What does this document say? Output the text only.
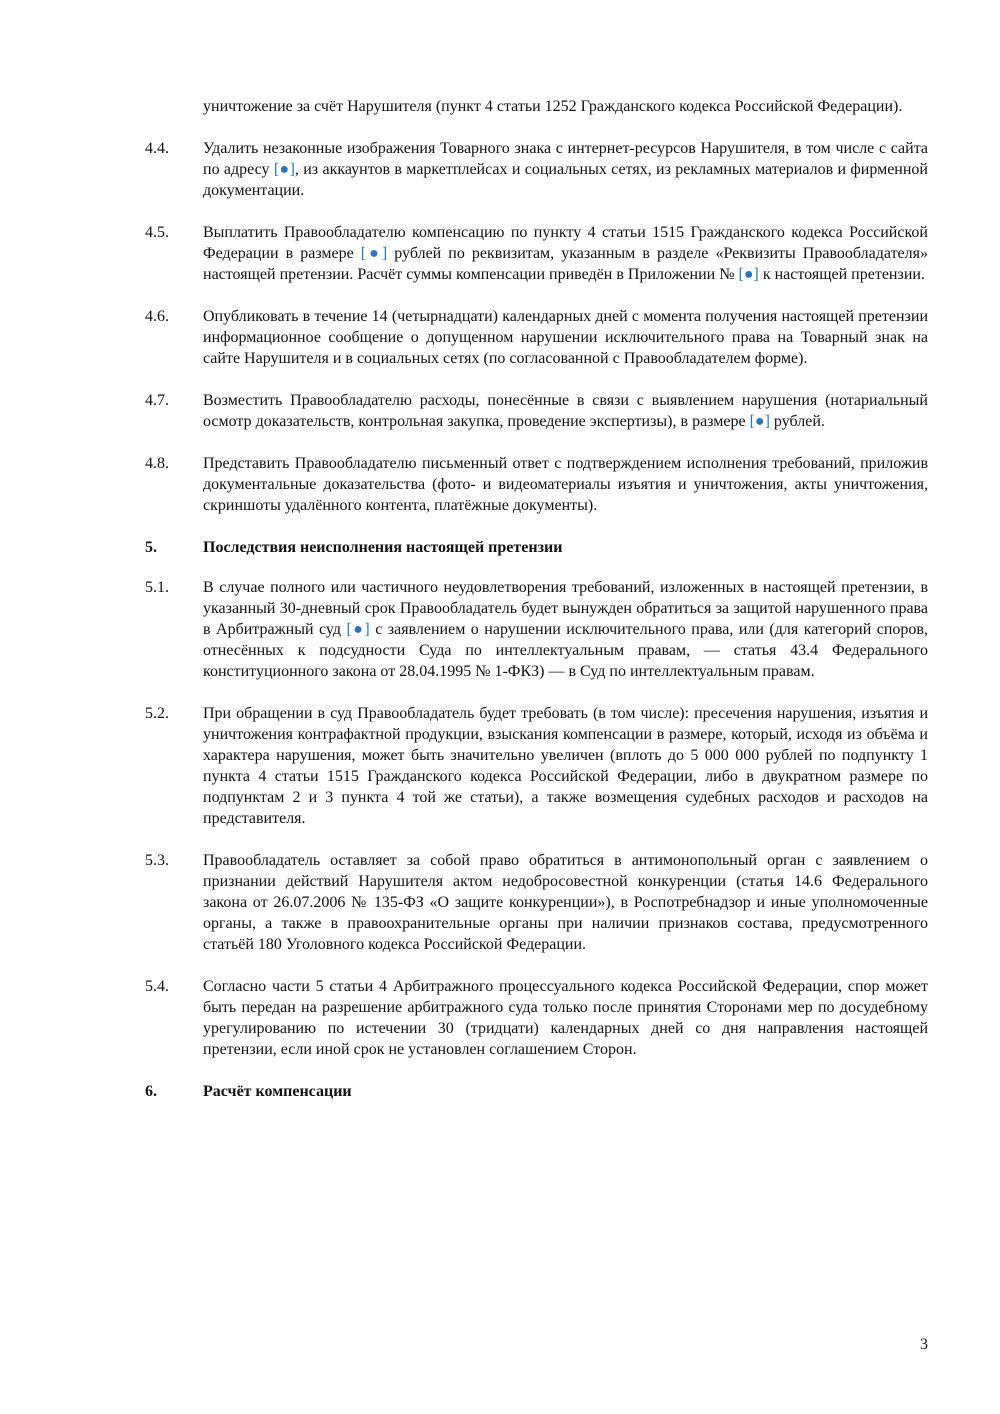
уничтожение за счёт Нарушителя (пункт 4 статьи 1252 Гражданского кодекса Российской Федерации).
4.4.	Удалить незаконные изображения Товарного знака с интернет-ресурсов Нарушителя, в том числе с сайта по адресу [●], из аккаунтов в маркетплейсах и социальных сетях, из рекламных материалов и фирменной документации.
4.5.	Выплатить Правообладателю компенсацию по пункту 4 статьи 1515 Гражданского кодекса Российской Федерации в размере [●] рублей по реквизитам, указанным в разделе «Реквизиты Правообладателя» настоящей претензии. Расчёт суммы компенсации приведён в Приложении № [●] к настоящей претензии.
4.6.	Опубликовать в течение 14 (четырнадцати) календарных дней с момента получения настоящей претензии информационное сообщение о допущенном нарушении исключительного права на Товарный знак на сайте Нарушителя и в социальных сетях (по согласованной с Правообладателем форме).
4.7.	Возместить Правообладателю расходы, понесённые в связи с выявлением нарушения (нотариальный осмотр доказательств, контрольная закупка, проведение экспертизы), в размере [●] рублей.
4.8.	Представить Правообладателю письменный ответ с подтверждением исполнения требований, приложив документальные доказательства (фото- и видеоматериалы изъятия и уничтожения, акты уничтожения, скриншоты удалённого контента, платёжные документы).
5.	Последствия неисполнения настоящей претензии
5.1.	В случае полного или частичного неудовлетворения требований, изложенных в настоящей претензии, в указанный 30-дневный срок Правообладатель будет вынужден обратиться за защитой нарушенного права в Арбитражный суд [●] с заявлением о нарушении исключительного права, или (для категорий споров, отнесённых к подсудности Суда по интеллектуальным правам, — статья 43.4 Федерального конституционного закона от 28.04.1995 № 1-ФКЗ) — в Суд по интеллектуальным правам.
5.2.	При обращении в суд Правообладатель будет требовать (в том числе): пресечения нарушения, изъятия и уничтожения контрафактной продукции, взыскания компенсации в размере, который, исходя из объёма и характера нарушения, может быть значительно увеличен (вплоть до 5 000 000 рублей по подпункту 1 пункта 4 статьи 1515 Гражданского кодекса Российской Федерации, либо в двукратном размере по подпунктам 2 и 3 пункта 4 той же статьи), а также возмещения судебных расходов и расходов на представителя.
5.3.	Правообладатель оставляет за собой право обратиться в антимонопольный орган с заявлением о признании действий Нарушителя актом недобросовестной конкуренции (статья 14.6 Федерального закона от 26.07.2006 № 135-ФЗ «О защите конкуренции»), в Роспотребнадзор и иные уполномоченные органы, а также в правоохранительные органы при наличии признаков состава, предусмотренного статьёй 180 Уголовного кодекса Российской Федерации.
5.4.	Согласно части 5 статьи 4 Арбитражного процессуального кодекса Российской Федерации, спор может быть передан на разрешение арбитражного суда только после принятия Сторонами мер по досудебному урегулированию по истечении 30 (тридцати) календарных дней со дня направления настоящей претензии, если иной срок не установлен соглашением Сторон.
6.	Расчёт компенсации
3
